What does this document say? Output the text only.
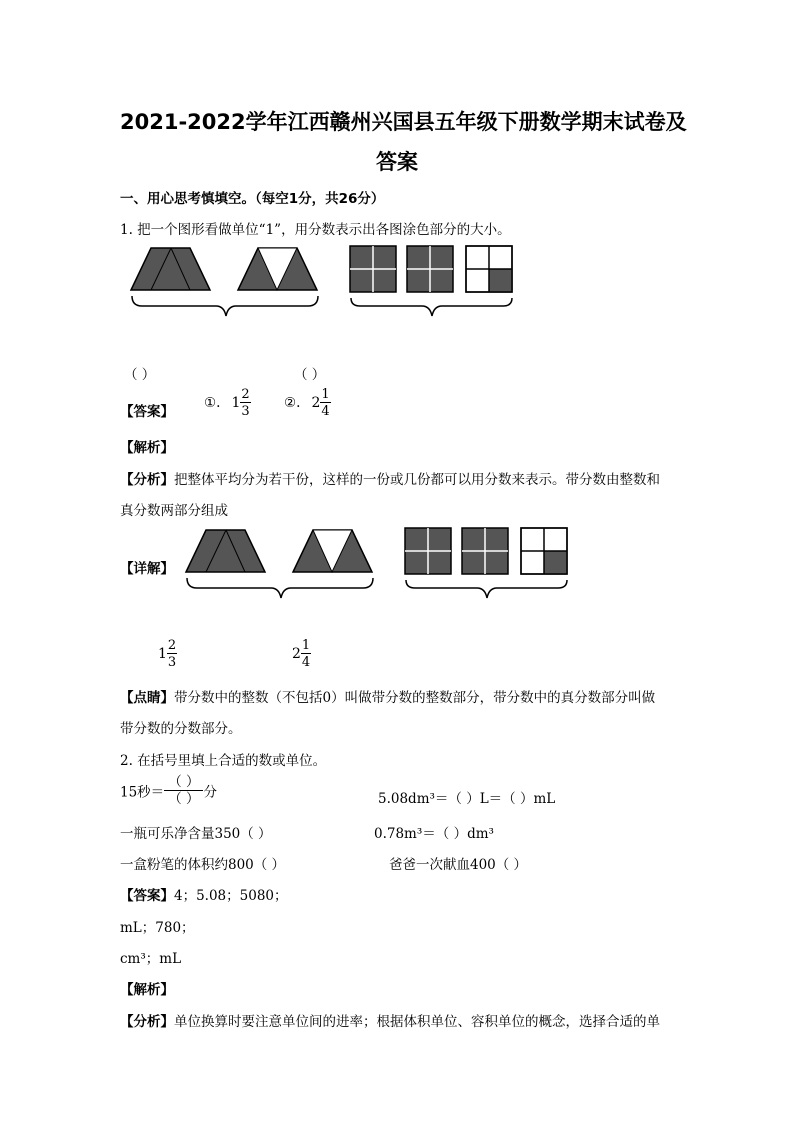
2021-2022学年江西赣州兴国县五年级下册数学期末试卷及
答案
一、用心思考慎填空。（每空1分，共26分）
1. 把一个图形看做单位“1”，用分数表示出各图涂色部分的大小。
（ ）	（ ）
【答案】
①. $1 \frac{2}{3}$ ②. $2 \frac{1}{4}$
【解析】
【分析】把整体平均分为若干份，这样的一份或几份都可以用分数来表示。带分数由整数和
真分数两部分组成
【详解】
$1 \frac{2}{3}$	$2 \frac{1}{4}$
【点睛】带分数中的整数（不包括0）叫做带分数的整数部分，带分数中的真分数部分叫做
带分数的分数部分。
2. 在括号里填上合适的数或单位。
15秒＝ $\frac{( )}{( )}$ 分	5.08dm³＝（ ）L＝（ ）mL
一瓶可乐净含量350（ ）	0.78m³＝（ ）dm³
一盒粉笔的体积约800（ ）	爸爸一次献血400（ ）
【答案】4；5.08；5080；
mL；780；
cm³；mL
【解析】
【分析】单位换算时要注意单位间的进率；根据体积单位、容积单位的概念，选择合适的单
